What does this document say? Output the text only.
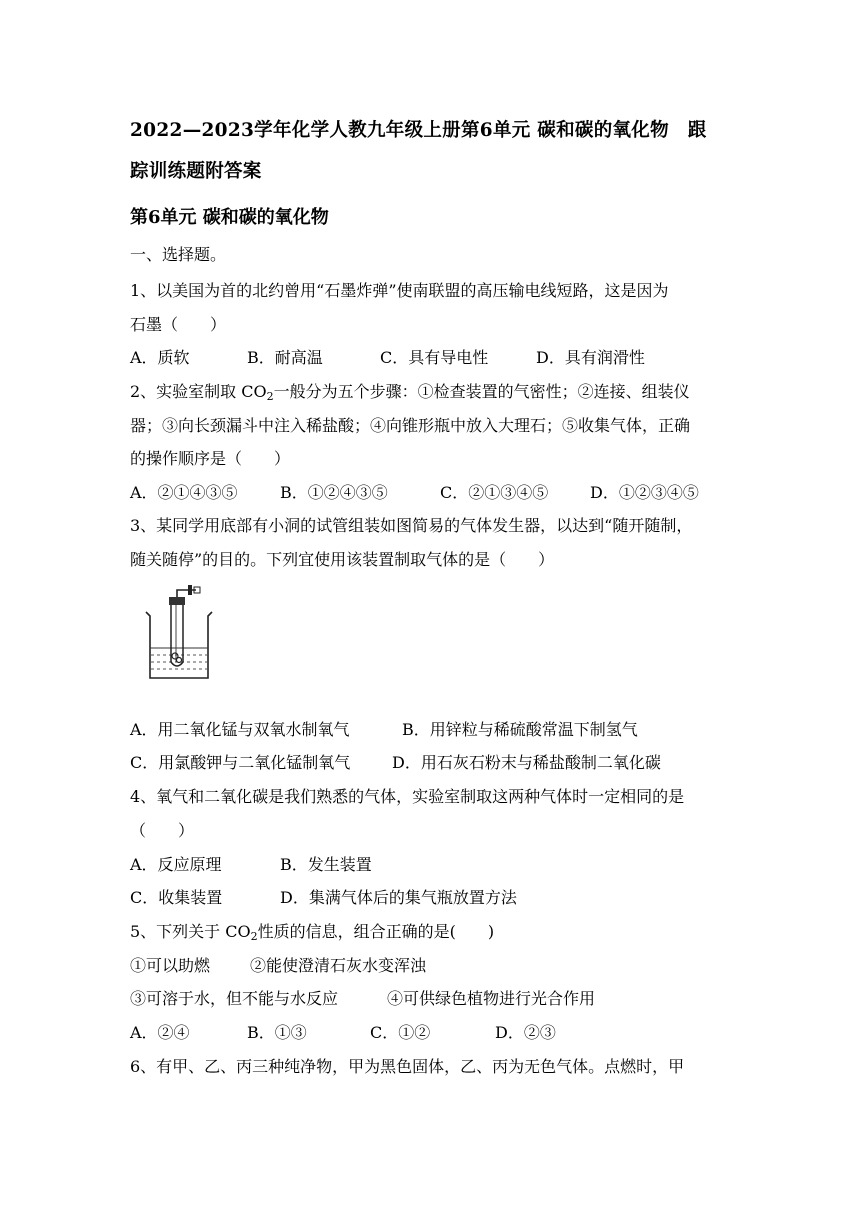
2022—2023学年化学人教九年级上册第6单元 碳和碳的氧化物　跟
踪训练题附答案
第6单元 碳和碳的氧化物
一、选择题。
1、以美国为首的北约曾用“石墨炸弹”使南联盟的高压输电线短路，这是因为
石墨（　　）
A．质软	B．耐高温	C．具有导电性	D．具有润滑性
2、实验室制取 $CO_2$一般分为五个步骤：①检查装置的气密性；②连接、组装仪
器；③向长颈漏斗中注入稀盐酸；④向锥形瓶中放入大理石；⑤收集气体，正确
的操作顺序是（　　）
A．②①④③⑤	B．①②④③⑤	C．②①③④⑤	D．①②③④⑤
3、某同学用底部有小洞的试管组装如图简易的气体发生器，以达到“随开随制，
随关随停”的目的。下列宜使用该装置制取气体的是（　　）
A．用二氧化锰与双氧水制氧气	B．用锌粒与稀硫酸常温下制氢气
C．用氯酸钾与二氧化锰制氧气	D．用石灰石粉末与稀盐酸制二氧化碳
4、氧气和二氧化碳是我们熟悉的气体，实验室制取这两种气体时一定相同的是
（　　）
A．反应原理	B．发生装置
C．收集装置	D．集满气体后的集气瓶放置方法
5、下列关于 $CO_2$性质的信息，组合正确的是(　　)
①可以助燃 ②能使澄清石灰水变浑浊
③可溶于水，但不能与水反应	④可供绿色植物进行光合作用
A．②④	B．①③	C．①②	D．②③
6、有甲、乙、丙三种纯净物，甲为黑色固体，乙、丙为无色气体。点燃时，甲
